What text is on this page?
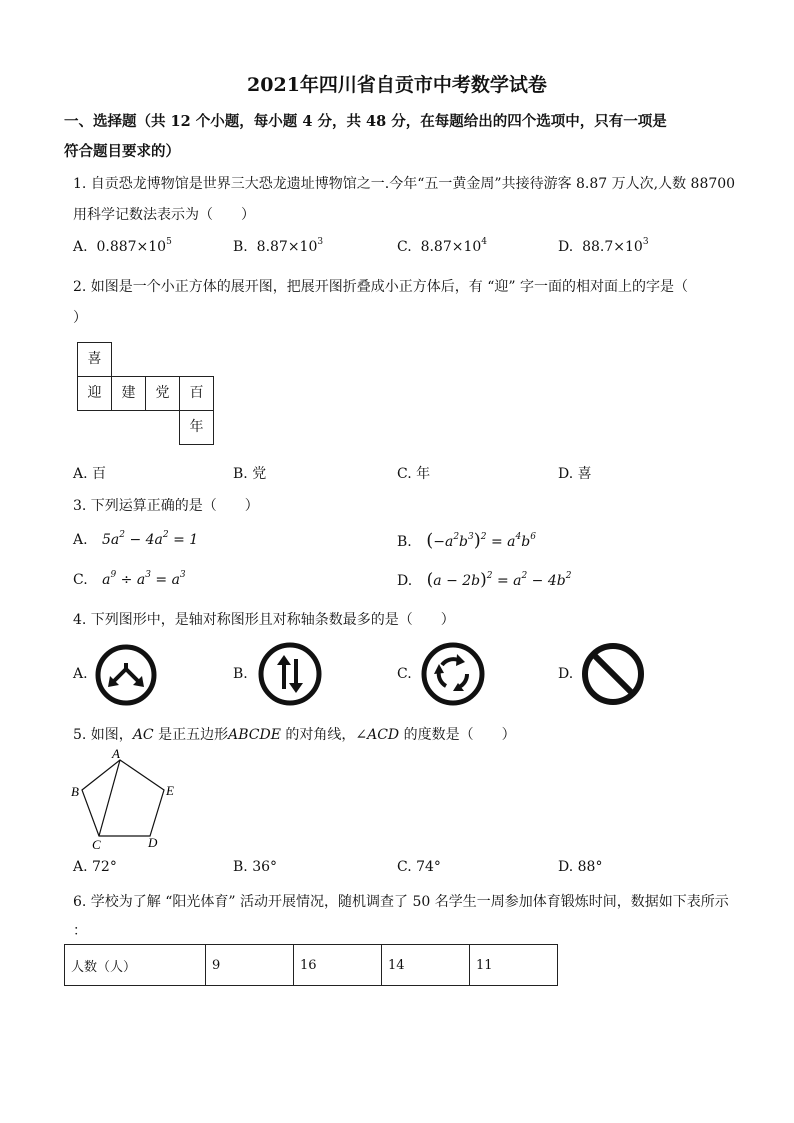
2021年四川省自贡市中考数学试卷
一、选择题（共 12 个小题，每小题 4 分，共 48 分，在每题给出的四个选项中，只有一项是
符合题目要求的）
1. 自贡恐龙博物馆是世界三大恐龙遗址博物馆之一.今年“五一黄金周”共接待游客 8.87 万人次,人数 88700
用科学记数法表示为（　　）
A. $0.887\times 10^5$	B. $8.87\times 10^3$	C. $8.87\times 10^4$	D. $88.7\times 10^3$
2. 如图是一个小正方体的展开图，把展开图折叠成小正方体后，有 “迎” 字一面的相对面上的字是（
）
喜
迎	建	党	百
年
A. 百	B. 党	C. 年	D. 喜
3. 下列运算正确的是（　　）
A. $5a^2 - 4a^2 = 1$	B. $(-a^2b^3)^2 = a^4b^6$
C. $a^9 \div a^3 = a^3$	D. $(a - 2b)^2 = a^2 - 4b^2$
4. 下列图形中，是轴对称图形且对称轴条数最多的是（　　）
A.	B.	C.	D.
5. 如图，AC 是正五边形ABCDE 的对角线，∠ACD 的度数是（　　）
A
B
C	D
E
A. 72°	B. 36°	C. 74°	D. 88°
6. 学校为了解 “阳光体育” 活动开展情况，随机调查了 50 名学生一周参加体育锻炼时间，数据如下表所示
：
人数（人）	9	16	14	11
